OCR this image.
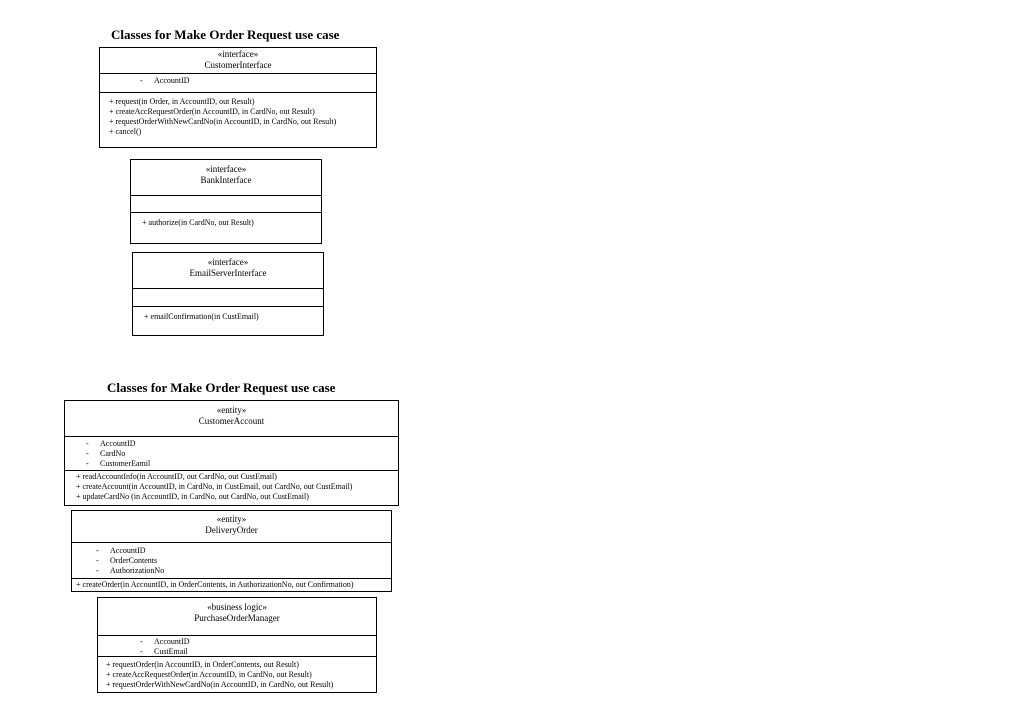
Classes for Make Order Request use case
«interface»
CustomerInterface
- AccountID
+ request(in Order, in AccountID, out Result)
+ createAccRequestOrder(in AccountID, in CardNo, out Result)
+ requestOrderWithNewCardNo(in AccountID, in CardNo, out Result)
+ cancel()
«interface»
BankInterface
+ authorize(in CardNo, out Result)
«interface»
EmailServerInterface
+ emailConfirmation(in CustEmail)
Classes for Make Order Request use case
«entity»
CustomerAccount
- AccountID
- CardNo
- CustomerEamil
+ readAccountInfo(in AccountID, out CardNo, out CustEmail)
+ createAccount(in AccountID, in CardNo, in CustEmail, out CardNo, out CustEmail)
+ updateCardNo (in AccountID, in CardNo, out CardNo, out CustEmail)
«entity»
DeliveryOrder
- AccountID
- OrderContents
- AuthorizationNo
+ createOrder(in AccountID, in OrderContents, in AuthorizationNo, out Confirmation)
«business logic»
PurchaseOrderManager
- AccountID
- CustEmail
+ requestOrder(in AccountID, in OrderContents, out Result)
+ createAccRequestOrder(in AccountID, in CardNo, out Result)
+ requestOrderWithNewCardNo(in AccountID, in CardNo, out Result)
